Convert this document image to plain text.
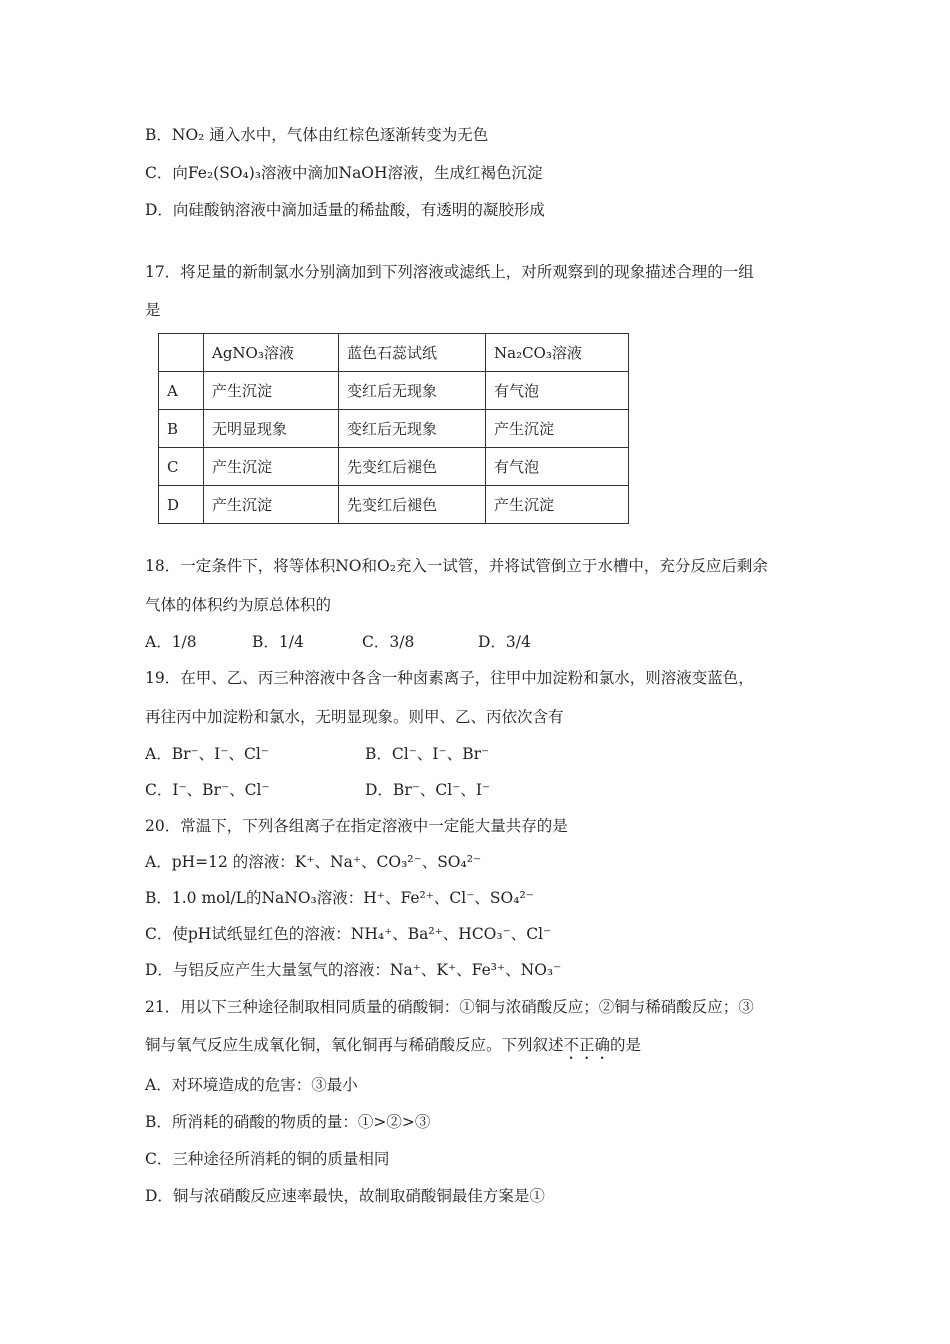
B．NO₂ 通入水中，气体由红棕色逐渐转变为无色
C．向Fe₂(SO₄)₃溶液中滴加NaOH溶液，生成红褐色沉淀
D．向硅酸钠溶液中滴加适量的稀盐酸，有透明的凝胶形成
17．将足量的新制氯水分别滴加到下列溶液或滤纸上，对所观察到的现象描述合理的一组
是
	AgNO₃溶液	蓝色石蕊试纸	Na₂CO₃溶液
A	产生沉淀	变红后无现象	有气泡
B	无明显现象	变红后无现象	产生沉淀
C	产生沉淀	先变红后褪色	有气泡
D	产生沉淀	先变红后褪色	产生沉淀
18．一定条件下，将等体积NO和O₂充入一试管，并将试管倒立于水槽中，充分反应后剩余
气体的体积约为原总体积的
A．1/8	B．1/4	C．3/8	D．3/4
19．在甲、乙、丙三种溶液中各含一种卤素离子，往甲中加淀粉和氯水，则溶液变蓝色，
再往丙中加淀粉和氯水，无明显现象。则甲、乙、丙依次含有
A．Br⁻、I⁻、Cl⁻	B．Cl⁻、I⁻、Br⁻
C．I⁻、Br⁻、Cl⁻	D．Br⁻、Cl⁻、I⁻
20．常温下，下列各组离子在指定溶液中一定能大量共存的是
A．pH=12 的溶液：K⁺、Na⁺、CO₃²⁻、SO₄²⁻
B．1.0 mol/L的NaNO₃溶液：H⁺、Fe²⁺、Cl⁻、SO₄²⁻
C．使pH试纸显红色的溶液：NH₄⁺、Ba²⁺、HCO₃⁻、Cl⁻
D．与铝反应产生大量氢气的溶液：Na⁺、K⁺、Fe³⁺、NO₃⁻
21．用以下三种途径制取相同质量的硝酸铜：①铜与浓硝酸反应；②铜与稀硝酸反应；③
铜与氧气反应生成氧化铜，氧化铜再与稀硝酸反应。下列叙述不正确的是
A．对环境造成的危害：③最小
B．所消耗的硝酸的物质的量：①>②>③
C．三种途径所消耗的铜的质量相同
D．铜与浓硝酸反应速率最快，故制取硝酸铜最佳方案是①
